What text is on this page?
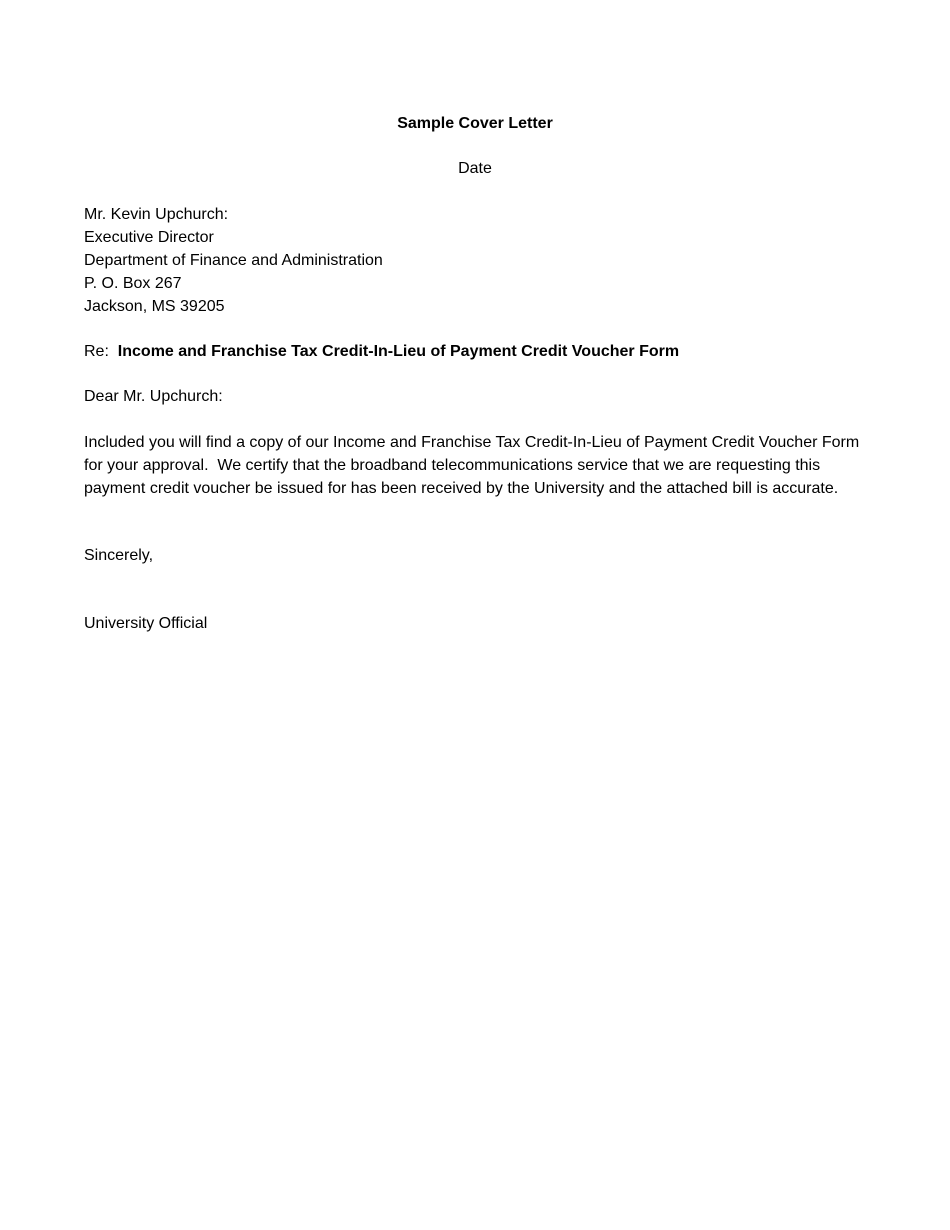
Sample Cover Letter
Date
Mr. Kevin Upchurch:
Executive Director
Department of Finance and Administration
P. O. Box 267
Jackson, MS 39205
Re: Income and Franchise Tax Credit-In-Lieu of Payment Credit Voucher Form
Dear Mr. Upchurch:
Included you will find a copy of our Income and Franchise Tax Credit-In-Lieu of Payment Credit Voucher Form for your approval.  We certify that the broadband telecommunications service that we are requesting this payment credit voucher be issued for has been received by the University and the attached bill is accurate.
Sincerely,
University Official
